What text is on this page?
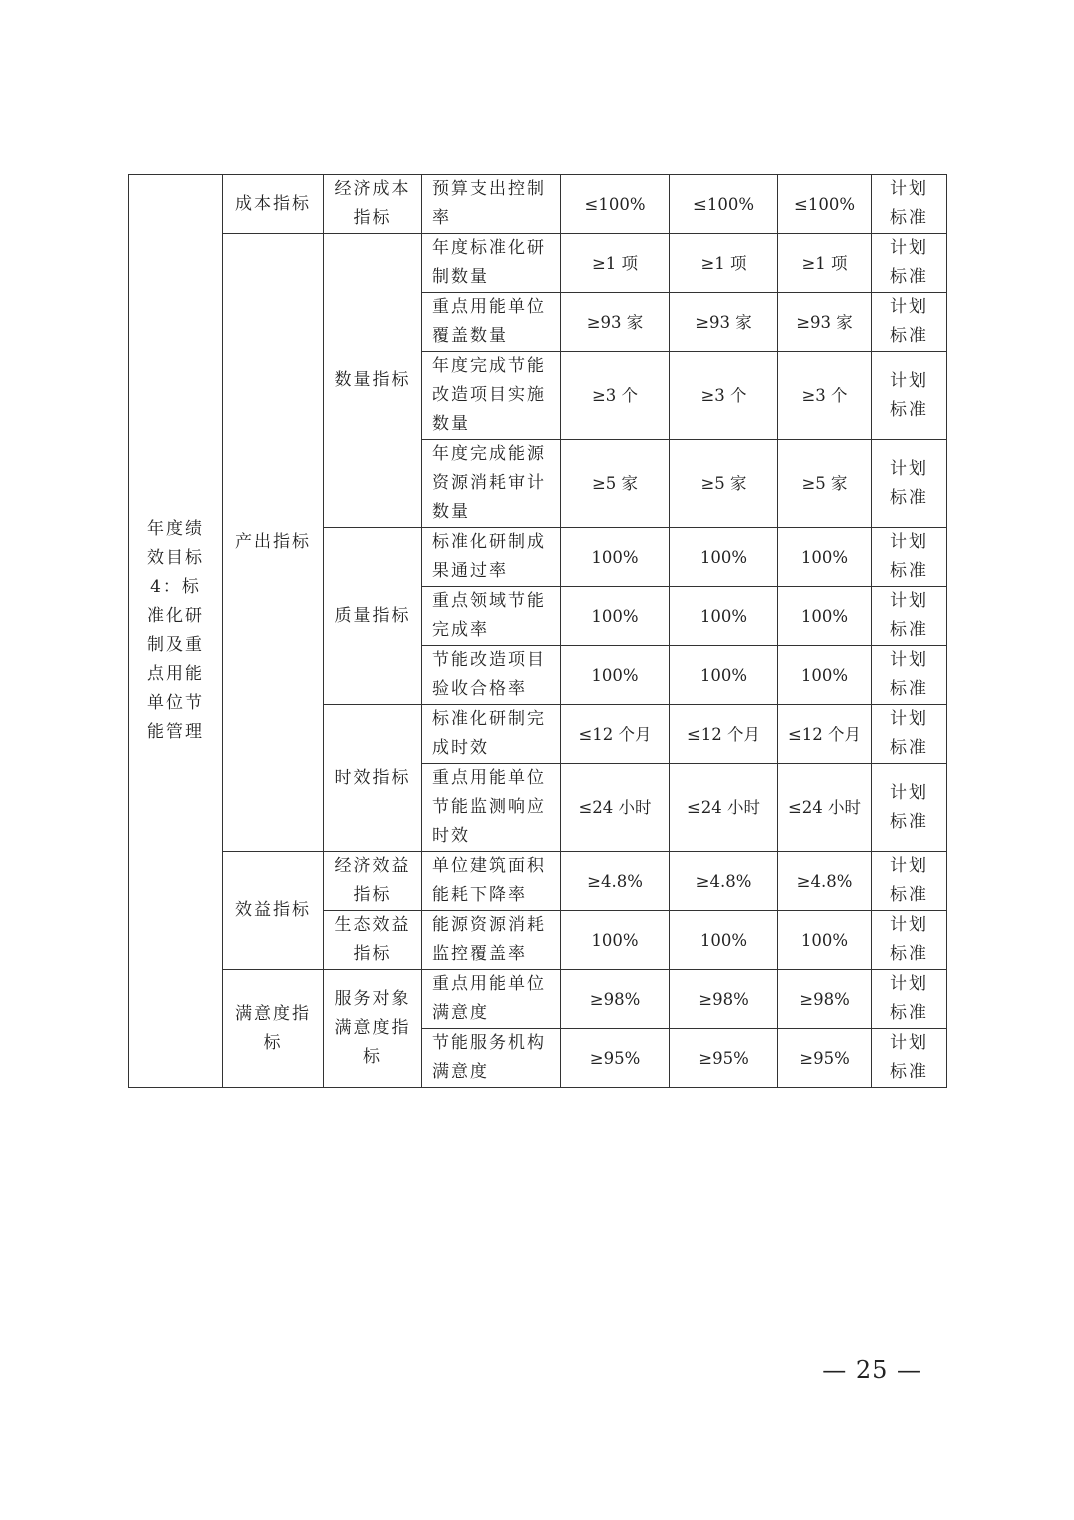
年度绩效目标4：标准化研制及重点用能单位节能管理	成本指标	经济成本指标	预算支出控制率	≤100%	≤100%	≤100%	计划标准
	产出指标	数量指标	年度标准化研制数量	≥1 项	≥1 项	≥1 项	计划标准
			重点用能单位覆盖数量	≥93 家	≥93 家	≥93 家	计划标准
			年度完成节能改造项目实施数量	≥3 个	≥3 个	≥3 个	计划标准
			年度完成能源资源消耗审计数量	≥5 家	≥5 家	≥5 家	计划标准
		质量指标	标准化研制成果通过率	100%	100%	100%	计划标准
			重点领域节能完成率	100%	100%	100%	计划标准
			节能改造项目验收合格率	100%	100%	100%	计划标准
		时效指标	标准化研制完成时效	≤12 个月	≤12 个月	≤12 个月	计划标准
			重点用能单位节能监测响应时效	≤24 小时	≤24 小时	≤24 小时	计划标准
	效益指标	经济效益指标	单位建筑面积能耗下降率	≥4.8%	≥4.8%	≥4.8%	计划标准
		生态效益指标	能源资源消耗监控覆盖率	100%	100%	100%	计划标准
	满意度指标	服务对象满意度指标	重点用能单位满意度	≥98%	≥98%	≥98%	计划标准
			节能服务机构满意度	≥95%	≥95%	≥95%	计划标准
— 25 —
